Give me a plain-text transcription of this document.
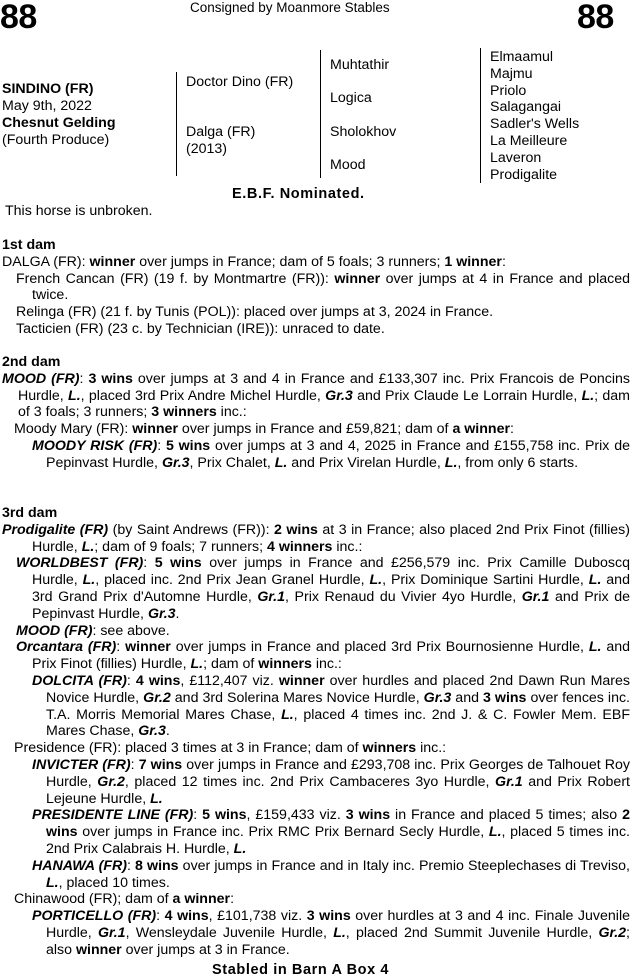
88	Consigned by Moanmore Stables	88
SINDINO (FR)
May 9th, 2022
Chesnut Gelding
(Fourth Produce)
Doctor Dino (FR)
Dalga (FR)
(2013)
Muhtathir
Logica
Sholokhov
Mood
Elmaamul
Majmu
Priolo
Salagangai
Sadler's Wells
La Meilleure
Laveron
Prodigalite
E.B.F. Nominated.
This horse is unbroken.
1st dam
DALGA (FR): winner over jumps in France; dam of 5 foals; 3 runners; 1 winner:
French Cancan (FR) (19 f. by Montmartre (FR)): winner over jumps at 4 in France and placed twice.
Relinga (FR) (21 f. by Tunis (POL)): placed over jumps at 3, 2024 in France.
Tacticien (FR) (23 c. by Technician (IRE)): unraced to date.
2nd dam
MOOD (FR): 3 wins over jumps at 3 and 4 in France and £133,307 inc. Prix Francois de Poncins Hurdle, L., placed 3rd Prix Andre Michel Hurdle, Gr.3 and Prix Claude Le Lorrain Hurdle, L.; dam of 3 foals; 3 runners; 3 winners inc.:
Moody Mary (FR): winner over jumps in France and £59,821; dam of a winner:
MOODY RISK (FR): 5 wins over jumps at 3 and 4, 2025 in France and £155,758 inc. Prix de Pepinvast Hurdle, Gr.3, Prix Chalet, L. and Prix Virelan Hurdle, L., from only 6 starts.
3rd dam
Prodigalite (FR) (by Saint Andrews (FR)): 2 wins at 3 in France; also placed 2nd Prix Finot (fillies) Hurdle, L.; dam of 9 foals; 7 runners; 4 winners inc.:
WORLDBEST (FR): 5 wins over jumps in France and £256,579 inc. Prix Camille Duboscq Hurdle, L., placed inc. 2nd Prix Jean Granel Hurdle, L., Prix Dominique Sartini Hurdle, L. and 3rd Grand Prix d'Automne Hurdle, Gr.1, Prix Renaud du Vivier 4yo Hurdle, Gr.1 and Prix de Pepinvast Hurdle, Gr.3.
MOOD (FR): see above.
Orcantara (FR): winner over jumps in France and placed 3rd Prix Bournosienne Hurdle, L. and Prix Finot (fillies) Hurdle, L.; dam of winners inc.:
DOLCITA (FR): 4 wins, £112,407 viz. winner over hurdles and placed 2nd Dawn Run Mares Novice Hurdle, Gr.2 and 3rd Solerina Mares Novice Hurdle, Gr.3 and 3 wins over fences inc. T.A. Morris Memorial Mares Chase, L., placed 4 times inc. 2nd J. & C. Fowler Mem. EBF Mares Chase, Gr.3.
Presidence (FR): placed 3 times at 3 in France; dam of winners inc.:
INVICTER (FR): 7 wins over jumps in France and £293,708 inc. Prix Georges de Talhouet Roy Hurdle, Gr.2, placed 12 times inc. 2nd Prix Cambaceres 3yo Hurdle, Gr.1 and Prix Robert Lejeune Hurdle, L.
PRESIDENTE LINE (FR): 5 wins, £159,433 viz. 3 wins in France and placed 5 times; also 2 wins over jumps in France inc. Prix RMC Prix Bernard Secly Hurdle, L., placed 5 times inc. 2nd Prix Calabrais H. Hurdle, L.
HANAWA (FR): 8 wins over jumps in France and in Italy inc. Premio Steeplechases di Treviso, L., placed 10 times.
Chinawood (FR); dam of a winner:
PORTICELLO (FR): 4 wins, £101,738 viz. 3 wins over hurdles at 3 and 4 inc. Finale Juvenile Hurdle, Gr.1, Wensleydale Juvenile Hurdle, L., placed 2nd Summit Juvenile Hurdle, Gr.2; also winner over jumps at 3 in France.
Stabled in Barn A Box 4
